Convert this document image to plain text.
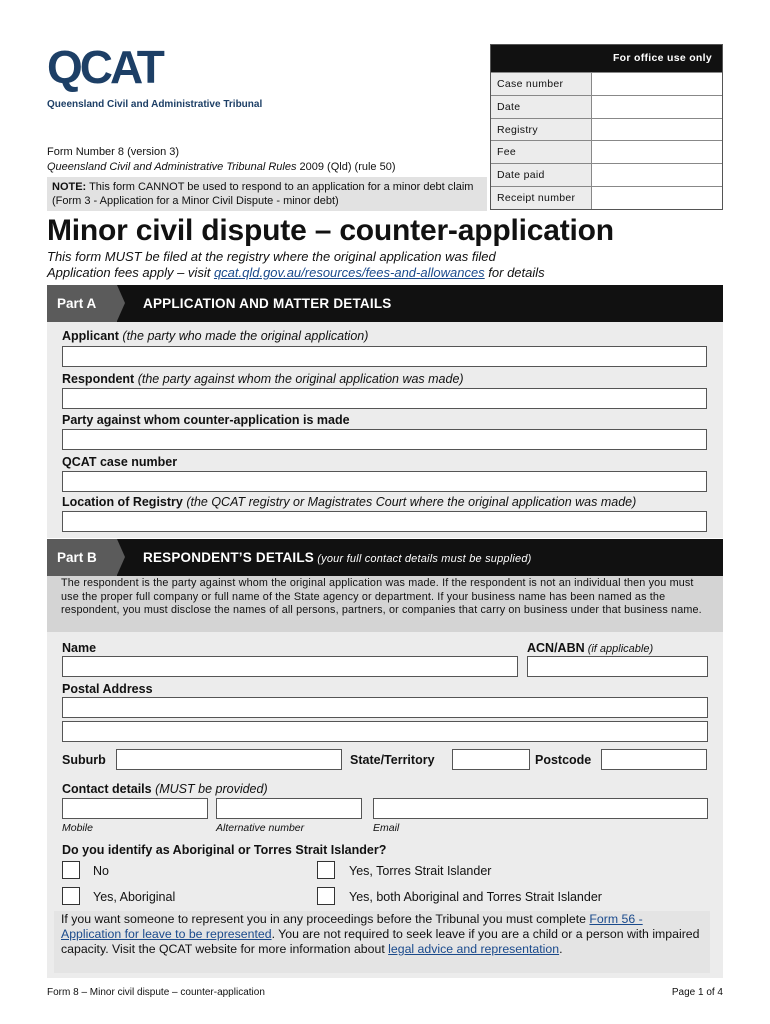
QCAT
Queensland Civil and Administrative Tribunal
For office use only
Case number
Date
Registry
Fee
Date paid
Receipt number
Form Number 8 (version 3)
Queensland Civil and Administrative Tribunal Rules 2009 (Qld) (rule 50)
NOTE: This form CANNOT be used to respond to an application for a minor debt claim (Form 3 - Application for a Minor Civil Dispute - minor debt)
Minor civil dispute – counter-application
This form MUST be filed at the registry where the original application was filed
Application fees apply – visit qcat.qld.gov.au/resources/fees-and-allowances for details
Part A	APPLICATION AND MATTER DETAILS
Applicant (the party who made the original application)
Respondent (the party against whom the original application was made)
Party against whom counter-application is made
QCAT case number
Location of Registry (the QCAT registry or Magistrates Court where the original application was made)
Part B	RESPONDENT’S DETAILS (your full contact details must be supplied)
The respondent is the party against whom the original application was made. If the respondent is not an individual then you must use the proper full company or full name of the State agency or department. If your business name has been named as the respondent, you must disclose the names of all persons, partners, or companies that carry on business under that business name.
Name	ACN/ABN (if applicable)
Postal Address
Suburb	State/Territory	Postcode
Contact details (MUST be provided)
Mobile	Alternative number	Email
Do you identify as Aboriginal or Torres Strait Islander?
No	Yes, Torres Strait Islander
Yes, Aboriginal	Yes, both Aboriginal and Torres Strait Islander
If you want someone to represent you in any proceedings before the Tribunal you must complete Form 56 - Application for leave to be represented. You are not required to seek leave if you are a child or a person with impaired capacity. Visit the QCAT website for more information about legal advice and representation.
Form 8 – Minor civil dispute – counter-application	Page 1 of 4
